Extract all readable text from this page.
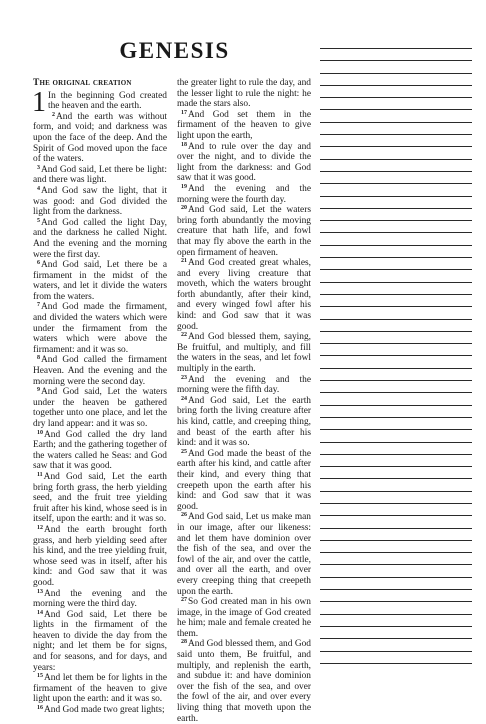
GENESIS
The original creation

1 In the beginning God created the heaven and the earth.

$^2$And the earth was without form, and void; and darkness was upon the face of the deep. And the Spirit of God moved upon the face of the waters.

$^3$And God said, Let there be light: and there was light.

$^4$And God saw the light, that it was good: and God divided the light from the darkness.

$^5$And God called the light Day, and the darkness he called Night. And the evening and the morning were the first day.

$^6$And God said, Let there be a firmament in the midst of the waters, and let it divide the waters from the waters.

$^7$And God made the firmament, and divided the waters which were under the firmament from the waters which were above the firmament: and it was so.

$^8$And God called the firmament Heaven. And the evening and the morning were the second day.

$^9$And God said, Let the waters under the heaven be gathered together unto one place, and let the dry land appear: and it was so.

$^{10}$And God called the dry land Earth; and the gathering together of the waters called he Seas: and God saw that it was good.

$^{11}$And God said, Let the earth bring forth grass, the herb yielding seed, and the fruit tree yielding fruit after his kind, whose seed is in itself, upon the earth: and it was so.

$^{12}$And the earth brought forth grass, and herb yielding seed after his kind, and the tree yielding fruit, whose seed was in itself, after his kind: and God saw that it was good.

$^{13}$And the evening and the morning were the third day.

$^{14}$And God said, Let there be lights in the firmament of the heaven to divide the day from the night; and let them be for signs, and for seasons, and for days, and years:

$^{15}$And let them be for lights in the firmament of the heaven to give light upon the earth: and it was so.

$^{16}$And God made two great lights;

the greater light to rule the day, and the lesser light to rule the night: he made the stars also.

$^{17}$And God set them in the firmament of the heaven to give light upon the earth,

$^{18}$And to rule over the day and over the night, and to divide the light from the darkness: and God saw that it was good.

$^{19}$And the evening and the morning were the fourth day.

$^{20}$And God said, Let the waters bring forth abundantly the moving creature that hath life, and fowl that may fly above the earth in the open firmament of heaven.

$^{21}$And God created great whales, and every living creature that moveth, which the waters brought forth abundantly, after their kind, and every winged fowl after his kind: and God saw that it was good.

$^{22}$And God blessed them, saying, Be fruitful, and multiply, and fill the waters in the seas, and let fowl multiply in the earth.

$^{23}$And the evening and the morning were the fifth day.

$^{24}$And God said, Let the earth bring forth the living creature after his kind, cattle, and creeping thing, and beast of the earth after his kind: and it was so.

$^{25}$And God made the beast of the earth after his kind, and cattle after their kind, and every thing that creepeth upon the earth after his kind: and God saw that it was good.

$^{26}$And God said, Let us make man in our image, after our likeness: and let them have dominion over the fish of the sea, and over the fowl of the air, and over the cattle, and over all the earth, and over every creeping thing that creepeth upon the earth.

$^{27}$So God created man in his own image, in the image of God created he him; male and female created he them.

$^{28}$And God blessed them, and God said unto them, Be fruitful, and multiply, and replenish the earth, and subdue it: and have dominion over the fish of the sea, and over the fowl of the air, and over every living thing that moveth upon the earth.
